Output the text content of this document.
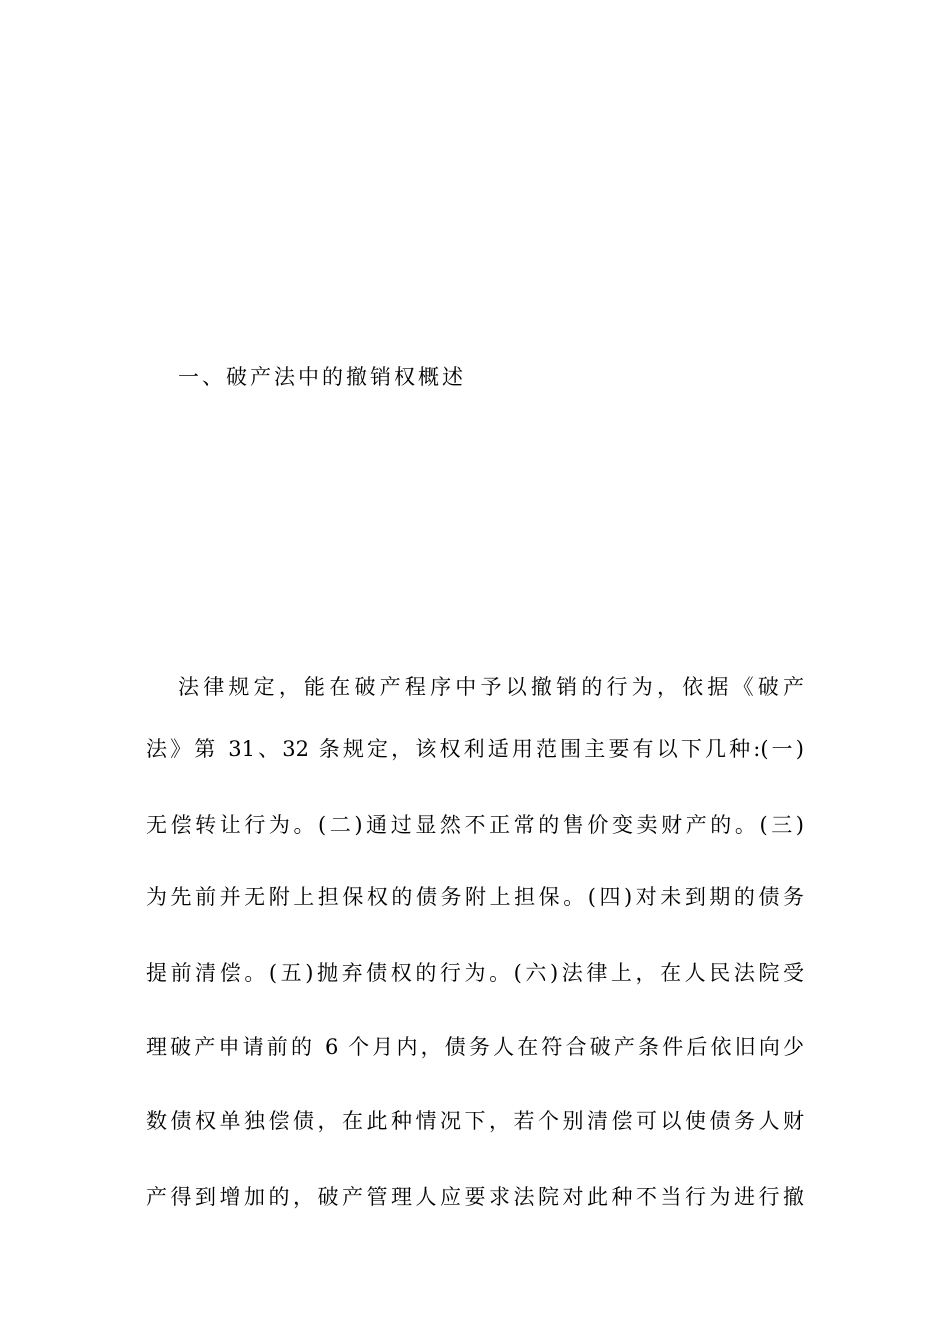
一、破产法中的撤销权概述
法律规定，能在破产程序中予以撤销的行为，依据《破产
法》第 31、32 条规定，该权利适用范围主要有以下几种:(一)
无偿转让行为。(二)通过显然不正常的售价变卖财产的。(三)
为先前并无附上担保权的债务附上担保。(四)对未到期的债务
提前清偿。(五)抛弃债权的行为。(六)法律上，在人民法院受
理破产申请前的 6 个月内，债务人在符合破产条件后依旧向少
数债权单独偿债，在此种情况下，若个别清偿可以使债务人财
产得到增加的，破产管理人应要求法院对此种不当行为进行撤
